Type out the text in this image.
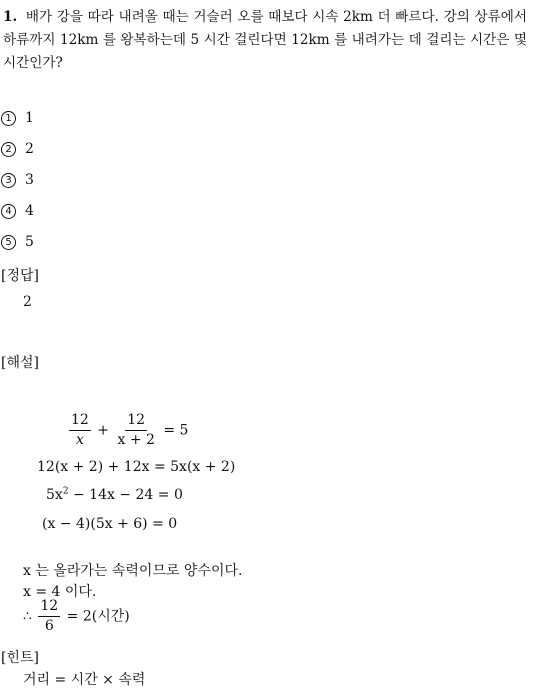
1. 배가 강을 따라 내려올 때는 거슬러 오를 때보다 시속 2km 더 빠르다. 강의 상류에서 하류까지 12km 를 왕복하는데 5 시간 걸린다면 12km 를 내려가는 데 걸리는 시간은 몇 시간인가?
1 1
2 2
3 3
4 4
5 5
[정답]
2
[해설]
$\frac{12}{x} + \frac{12}{x + 2} = 5$
12(x + 2) + 12x = 5x(x + 2)
$5x^2 - 14x - 24 = 0$
(x − 4)(5x + 6) = 0
x 는 올라가는 속력이므로 양수이다.
x = 4 이다.
∴ $\frac{12}{6} = 2$(시간)
[힌트]
거리 = 시간 × 속력
